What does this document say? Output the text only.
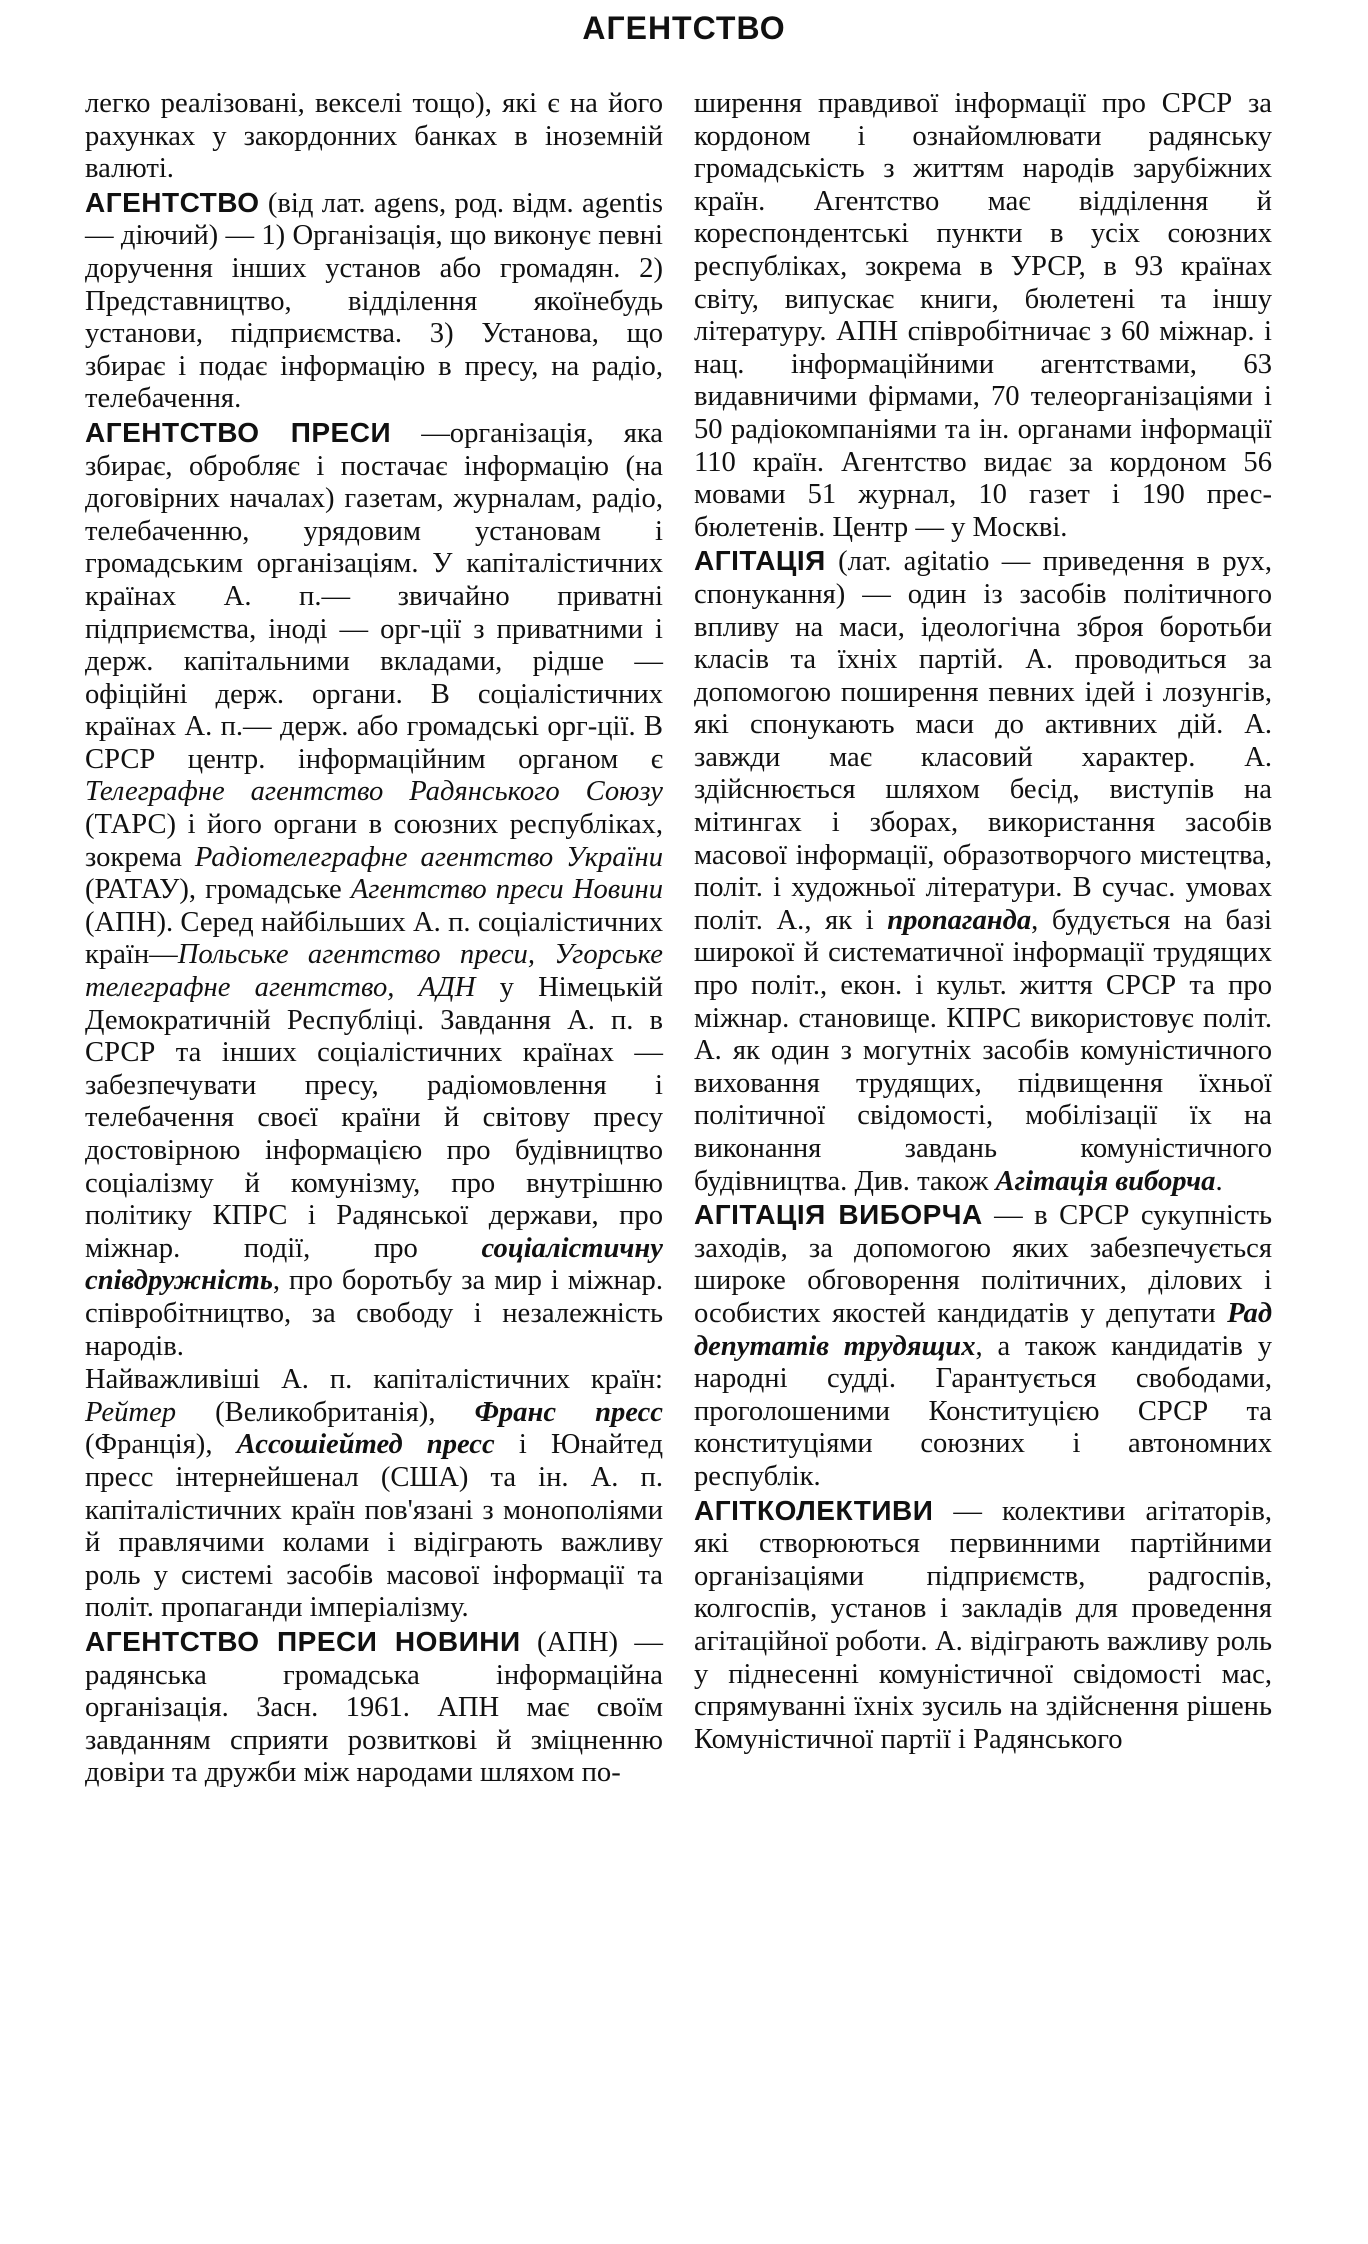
АГЕНТСТВО

легко реалізовані, векселі тощо), які є на його рахунках у закордонних банках в іноземній валюті.

АГЕНТСТВО (від лат. agens, род. відм. agentis — діючий) — 1) Організація, що виконує певні доручення інших установ або громадян. 2) Представництво, відділення якоїнебудь установи, підприємства. 3) Установа, що збирає і подає інформацію в пресу, на радіо, телебачення.

АГЕНТСТВО ПРЕСИ —організація, яка збирає, обробляє і постачає інформацію (на договірних началах) газетам, журналам, радіо, телебаченню, урядовим установам і громадським організаціям. У капіталістичних країнах А. п.— звичайно приватні підприємства, іноді — орг-ції з приватними і держ. капітальними вкладами, рідше — офіційні держ. органи. В соціалістичних країнах А. п.— держ. або громадські орг-ції. В СРСР центр. інформаційним органом є Телеграфне агентство Радянського Союзу (ТАРС) і його органи в союзних республіках, зокрема Радіотелеграфне агентство України (РАТАУ), громадське Агентство преси Новини (АПН). Серед найбільших А. п. соціалістичних країн—Польське агентство преси, Угорське телеграфне агентство, АДН у Німецькій Демократичній Республіці. Завдання А. п. в СРСР та інших соціалістичних країнах — забезпечувати пресу, радіомовлення і телебачення своєї країни й світову пресу достовірною інформацією про будівництво соціалізму й комунізму, про внутрішню політику КПРС і Радянської держави, про міжнар. події, про соціалістичну співдружність, про боротьбу за мир і міжнар. співробітництво, за свободу і незалежність народів.

Найважливіші А. п. капіталістичних країн: Рейтер (Великобританія), Франс пресс (Франція), Ассошіейтед пресс і Юнайтед пресс інтернейшенал (США) та ін. А. п. капіталістичних країн пов'язані з монополіями й правлячими колами і відіграють важливу роль у системі засобів масової інформації та політ. пропаганди імперіалізму.

АГЕНТСТВО ПРЕСИ НОВИНИ (АПН) — радянська громадська інформаційна організація. Засн. 1961. АПН має своїм завданням сприяти розвиткові й зміцненню довіри та дружби між народами шляхом по-

ширення правдивої інформації про СРСР за кордоном і ознайомлювати радянську громадськість з життям народів зарубіжних країн. Агентство має відділення й кореспондентські пункти в усіх союзних республіках, зокрема в УРСР, в 93 країнах світу, випускає книги, бюлетені та іншу літературу. АПН співробітничає з 60 міжнар. і нац. інформаційними агентствами, 63 видавничими фірмами, 70 телеорганізаціями і 50 радіокомпаніями та ін. органами інформації 110 країн. Агентство видає за кордоном 56 мовами 51 журнал, 10 газет і 190 прес-бюлетенів. Центр — у Москві.

АГІТАЦІЯ (лат. agitatio — приведення в рух, спонукання) — один із засобів політичного впливу на маси, ідеологічна зброя боротьби класів та їхніх партій. А. проводиться за допомогою поширення певних ідей і лозунгів, які спонукають маси до активних дій. А. завжди має класовий характер. А. здійснюється шляхом бесід, виступів на мітингах і зборах, використання засобів масової інформації, образотворчого мистецтва, політ. і художньої літератури. В сучас. умовах політ. А., як і пропаганда, будується на базі широкої й систематичної інформації трудящих про політ., екон. і культ. життя СРСР та про міжнар. становище. КПРС використовує політ. А. як один з могутніх засобів комуністичного виховання трудящих, підвищення їхньої політичної свідомості, мобілізації їх на виконання завдань комуністичного будівництва. Див. також Агітація виборча.

АГІТАЦІЯ ВИБОРЧА — в СРСР сукупність заходів, за допомогою яких забезпечується широке обговорення політичних, ділових і особистих якостей кандидатів у депутати Рад депутатів трудящих, а також кандидатів у народні судді. Гарантується свободами, проголошеними Конституцією СРСР та конституціями союзних і автономних республік.

АГІТКОЛЕКТИВИ — колективи агітаторів, які створюються первинними партійними організаціями підприємств, радгоспів, колгоспів, установ і закладів для проведення агітаційної роботи. А. відіграють важливу роль у піднесенні комуністичної свідомості мас, спрямуванні їхніх зусиль на здійснення рішень Комуністичної партії і Радянського
